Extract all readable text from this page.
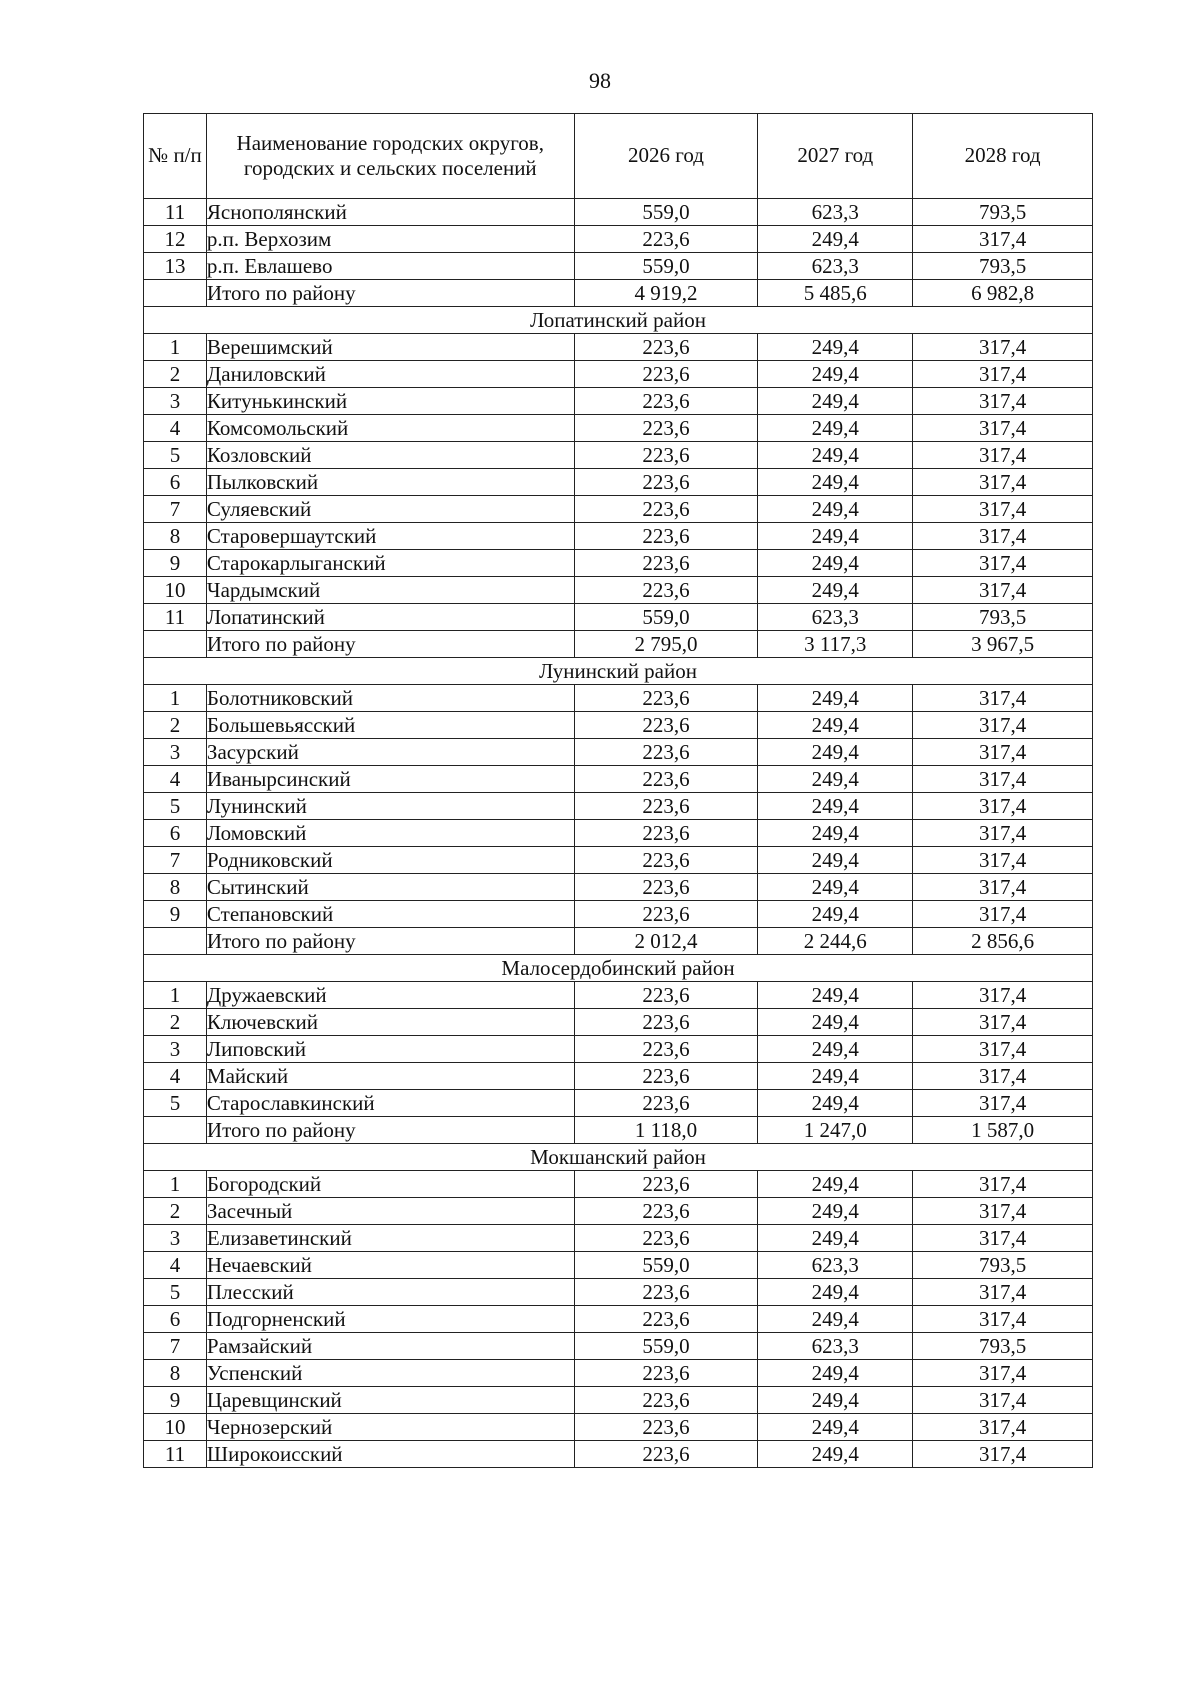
98
№ п/п	Наименование городских округов, городских и сельских поселений	2026 год	2027 год	2028 год
11	Яснополянский	559,0	623,3	793,5
12	р.п. Верхозим	223,6	249,4	317,4
13	р.п. Евлашево	559,0	623,3	793,5
	Итого по району	4 919,2	5 485,6	6 982,8
Лопатинский район				
1	Верешимский	223,6	249,4	317,4
2	Даниловский	223,6	249,4	317,4
3	Китунькинский	223,6	249,4	317,4
4	Комсомольский	223,6	249,4	317,4
5	Козловский	223,6	249,4	317,4
6	Пылковский	223,6	249,4	317,4
7	Суляевский	223,6	249,4	317,4
8	Старовершаутский	223,6	249,4	317,4
9	Старокарлыганский	223,6	249,4	317,4
10	Чардымский	223,6	249,4	317,4
11	Лопатинский	559,0	623,3	793,5
	Итого по району	2 795,0	3 117,3	3 967,5
Лунинский район				
1	Болотниковский	223,6	249,4	317,4
2	Большевьясский	223,6	249,4	317,4
3	Засурский	223,6	249,4	317,4
4	Иванырсинский	223,6	249,4	317,4
5	Лунинский	223,6	249,4	317,4
6	Ломовский	223,6	249,4	317,4
7	Родниковский	223,6	249,4	317,4
8	Сытинский	223,6	249,4	317,4
9	Степановский	223,6	249,4	317,4
	Итого по району	2 012,4	2 244,6	2 856,6
Малосердобинский район				
1	Дружаевский	223,6	249,4	317,4
2	Ключевский	223,6	249,4	317,4
3	Липовский	223,6	249,4	317,4
4	Майский	223,6	249,4	317,4
5	Старославкинский	223,6	249,4	317,4
	Итого по району	1 118,0	1 247,0	1 587,0
Мокшанский район				
1	Богородский	223,6	249,4	317,4
2	Засечный	223,6	249,4	317,4
3	Елизаветинский	223,6	249,4	317,4
4	Нечаевский	559,0	623,3	793,5
5	Плесский	223,6	249,4	317,4
6	Подгорненский	223,6	249,4	317,4
7	Рамзайский	559,0	623,3	793,5
8	Успенский	223,6	249,4	317,4
9	Царевщинский	223,6	249,4	317,4
10	Чернозерский	223,6	249,4	317,4
11	Широкоисский	223,6	249,4	317,4
